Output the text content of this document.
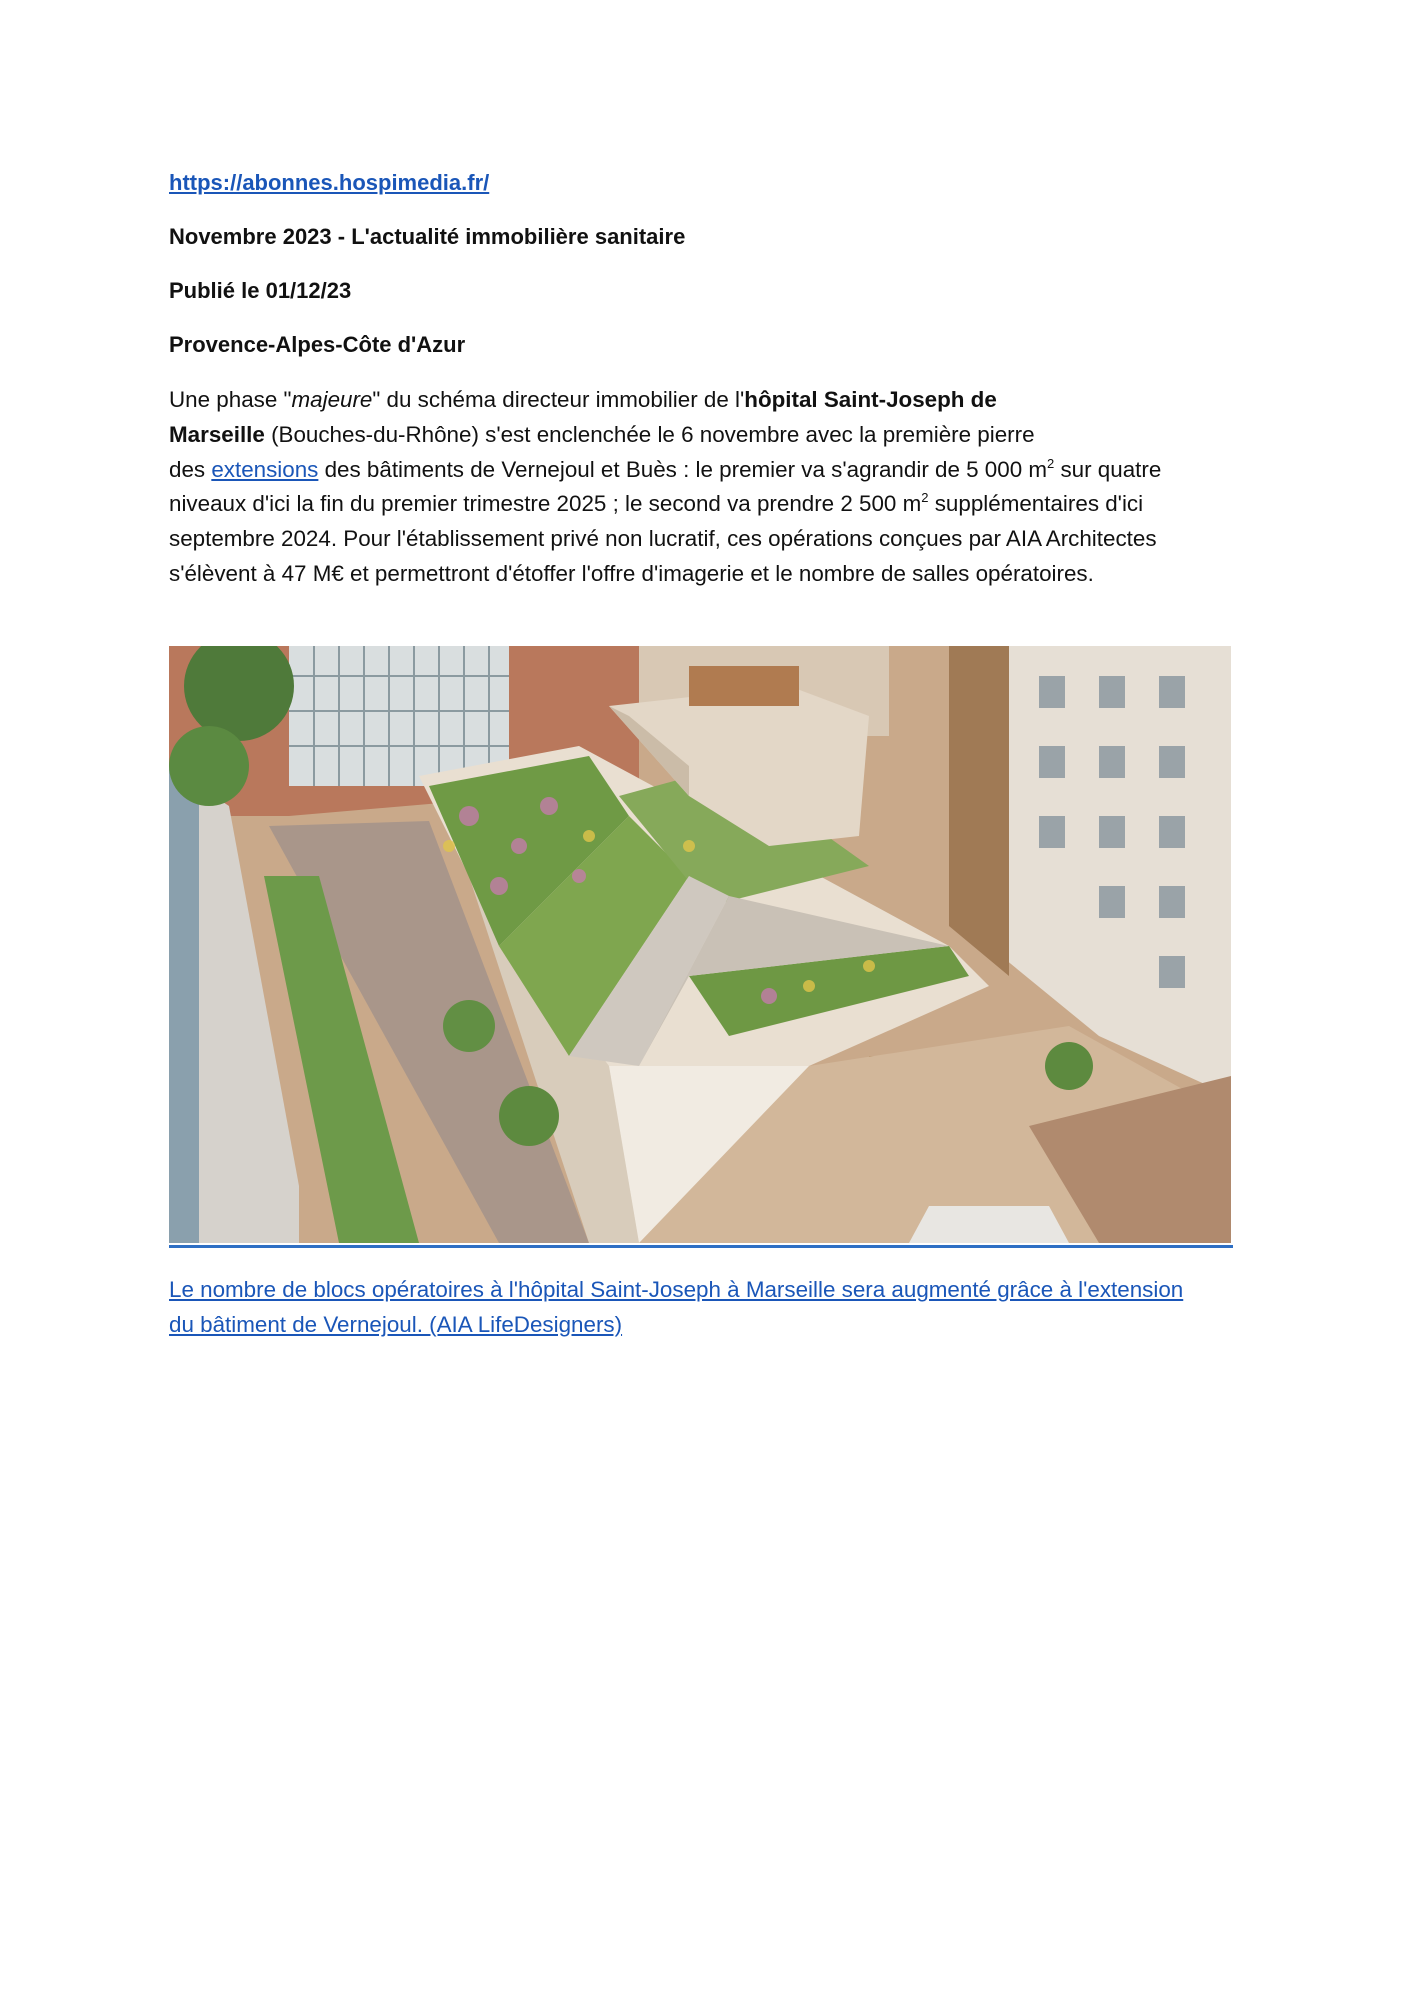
https://abonnes.hospimedia.fr/

Novembre 2023 - L'actualité immobilière sanitaire

Publié le 01/12/23

Provence-Alpes-Côte d'Azur

Une phase "majeure" du schéma directeur immobilier de l'hôpital Saint-Joseph de

Marseille (Bouches-du-Rhône) s'est enclenchée le 6 novembre avec la première pierre

des extensions des bâtiments de Vernejoul et Buès : le premier va s'agrandir de 5 000 $m^2$ sur quatre

niveaux d'ici la fin du premier trimestre 2025 ; le second va prendre 2 500 $m^2$ supplémentaires d'ici

septembre 2024. Pour l'établissement privé non lucratif, ces opérations conçues par AIA Architectes

s'élèvent à 47 M€ et permettront d'étoffer l'offre d'imagerie et le nombre de salles opératoires.

Le nombre de blocs opératoires à l'hôpital Saint-Joseph à Marseille sera augmenté grâce à l'extension
du bâtiment de Vernejoul. (AIA LifeDesigners)
